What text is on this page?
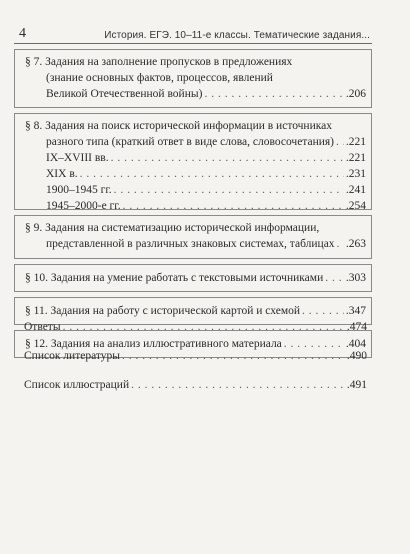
4	История. ЕГЭ. 10–11-е классы. Тематические задания...
§ 7. Задания на заполнение пропусков в предложениях
(знание основных фактов, процессов, явлений
Великой Отечественной войны) . . .	.206
§ 8. Задания на поиск исторической информации в источниках
разного типа (краткий ответ в виде слова, словосочетания) . . . .221
IX–XVIII вв. . . .	.221
XIX в. . . .	.231
1900–1945 гг. . . .	.241
1945–2000-е гг. . . .	.254
§ 9. Задания на систематизацию исторической информации,
представленной в различных знаковых системах, таблицах . . . .263
§ 10. Задания на умение работать с текстовыми источниками . . . .303
§ 11. Задания на работу с исторической картой и схемой . . .	.347
§ 12. Задания на анализ иллюстративного материала . . .	.404
Ответы . . .	.474
Список литературы . . .	.490
Список иллюстраций . . .	.491
